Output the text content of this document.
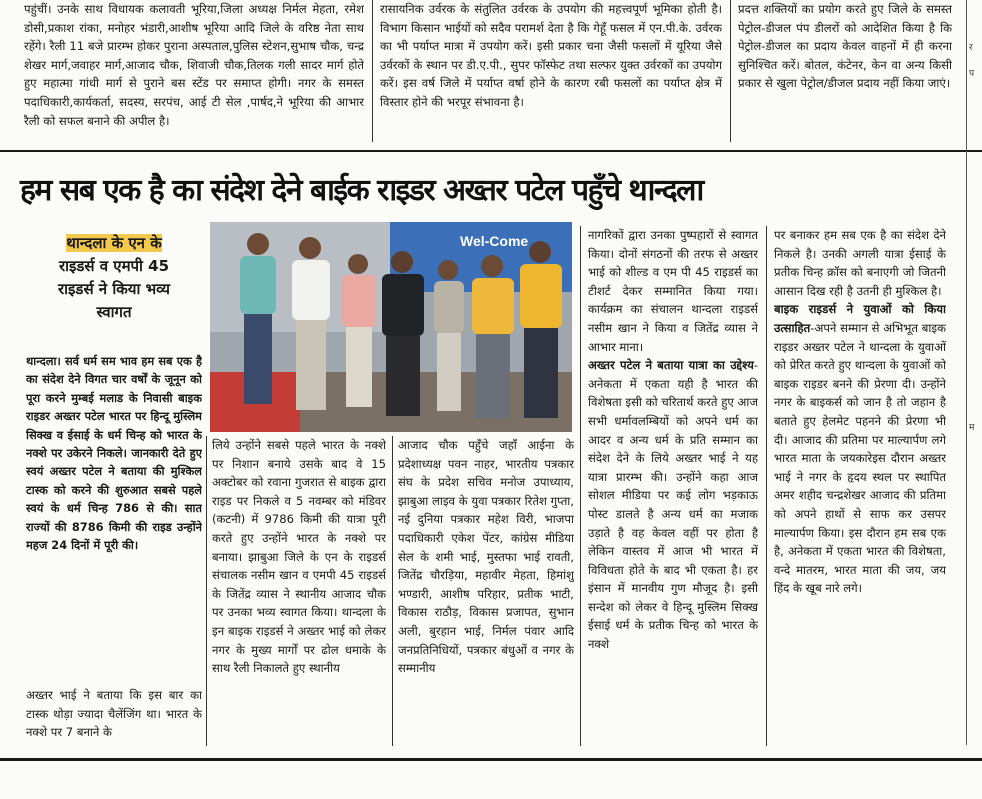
पहुंचीं। उनके साथ विधायक कलावती भूरिया,जिला अध्यक्ष निर्मल मेहता, रमेश डोसी,प्रकाश रांका, मनोहर भंडारी,आशीष भूरिया आदि जिले के वरिष्ठ नेता साथ रहेंगे। रैली 11 बजे प्रारम्भ होकर पुराना अस्पताल,पुलिस स्टेशन,सुभाष चौक, चन्द्र शेखर मार्ग,जवाहर मार्ग,आजाद चौक, शिवाजी चौक,तिलक गली सादर मार्ग होते हुए महात्मा गांधी मार्ग से पुराने बस स्टेंड पर समाप्त होगी। नगर के समस्त पदाधिकारी,कार्यकर्ता, सदस्य, सरपंच, आई टी सेल ,पार्षद,ने भूरिया की आभार रैली को सफल बनाने की अपील है।

रासायनिक उर्वरक के संतुलित उर्वरक के उपयोग की महत्त्वपूर्ण भूमिका होती है। विभाग किसान भाईयों को सदैव परामर्श देता है कि गेहूँ फसल में एन.पी.के. उर्वरक का भी पर्याप्त मात्रा में उपयोग करें। इसी प्रकार चना जैसी फसलों में यूरिया जैसे उर्वरकों के स्थान पर डी.ए.पी., सुपर फॉस्फेट तथा सल्फर युक्त उर्वरकों का उपयोग करें। इस वर्ष जिले में पर्याप्त वर्षा होने के कारण रबी फसलों का पर्याप्त क्षेत्र में विस्तार होने की भरपूर संभावना है।

प्रदत्त शक्तियों का प्रयोग करते हुए जिले के समस्त पेट्रोल-डीजल पंप डीलरों को आदेशित किया है कि पेट्रोल-डीजल का प्रदाय केवल वाहनों में ही करना सुनिश्चित करें। बोतल, कंटेनर, केन वा अन्य किसी प्रकार से खुला पेट्रोल/डीजल प्रदाय नहीं किया जाएं।

हम सब एक है का संदेश देने बाईक राइडर अख्तर पटेल पहुँचे थान्दला
थान्दला के एन के
राइडर्स व एमपी 45
राइडर्स ने किया भव्य
स्वागत
Wel-Come

थान्दला। सर्व धर्म सम भाव हम सब एक है का संदेश देने विगत चार वर्षों के जूनून को पूरा करने मुम्बई मलाड के निवासी बाइक राइडर अख्तर पटेल भारत पर हिन्दू मुस्लिम सिक्ख व ईसाई के धर्म चिन्ह को भारत के नक्शे पर उकेरने निकले। जानकारी देते हुए स्वयं अख्तर पटेल ने बताया की मुश्किल टास्क को करने की शुरुआत सबसे पहले स्वयं के धर्म चिन्ह 786 से की। सात राज्यों की 8786 किमी की राइड उन्होंने महज 24 दिनों में पूरी की।

अख्तर भाई ने बताया कि इस बार का टास्क थोड़ा ज्यादा चैलेंजिंग था। भारत के नक्शे पर 7 बनाने के

लिये उन्होंने सबसे पहले भारत के नक्शे पर निशान बनाये उसके बाद वे 15 अक्टोबर को रवाना गुजरात से बाइक द्वारा राइड पर निकले व 5 नवम्बर को मंडिवर (कटनी) में 9786 किमी की यात्रा पूरी करते हुए उन्होंने भारत के नक्शे पर बनाया। झाबुआ जिले के एन के राइडर्स संचालक नसीम खान व एमपी 45 राइडर्स के जितेंद्र व्यास ने स्थानीय आजाद चौक पर उनका भव्य स्वागत किया। थान्दला के इन बाइक राइडर्स ने अख्तर भाई को लेकर नगर के मुख्य मार्गों पर ढोल धमाके के साथ रैली निकालते हुए स्थानीय

आजाद चौक पहुँचे जहाँ आईना के प्रदेशाध्यक्ष पवन नाहर, भारतीय पत्रकार संघ के प्रदेश सचिव मनोज उपाध्याय, झाबुआ लाइव के युवा पत्रकार रितेश गुप्ता, नई दुनिया पत्रकार महेश विरी, भाजपा पदाधिकारी एकेश पेंटर, कांग्रेस मीडिया सेल के शमी भाई, मुस्तफा भाई रावती, जितेंद्र चौरड़िया, महावीर मेहता, हिमांशु भण्डारी, आशीष परिहार, प्रतीक भाटी, विकास राठौड़, विकास प्रजापत, सुभान अली, बुरहान भाई, निर्मल पंवार आदि जनप्रतिनिधियों, पत्रकार बंधुओं व नगर के सम्मानीय

नागरिकों द्वारा उनका पुष्पहारों से स्वागत किया। दोनों संगठनों की तरफ से अख्तर भाई को शील्ड व एम पी 45 राइडर्स का टीशर्ट देकर सम्मानित किया गया। कार्यक्रम का संचालन थान्दला राइडर्स नसीम खान ने किया व जितेंद्र व्यास ने आभार माना।

अख्तर पटेल ने बताया यात्रा का उद्देश्य-अनेकता में एकता यही है भारत की विशेषता इसी को चरितार्थ करते हुए आज सभी धर्मावलम्बियों को अपने धर्म का आदर व अन्य धर्म के प्रति सम्मान का संदेश देने के लिये अख्तर भाई ने यह यात्रा प्रारम्भ की। उन्होंने कहा आज सोशल मीडिया पर कई लोग भड़काऊ पोस्ट डालते है अन्य धर्म का मजाक उड़ाते है वह केवल वहीं पर होता है लेकिन वास्तव में आज भी भारत में विविधता होते के बाद भी एकता है। हर इंसान में मानवीय गुण मौजूद है। इसी सन्देश को लेकर वे हिन्दू मुस्लिम सिक्ख ईसाई धर्म के प्रतीक चिन्ह को भारत के नक्शे

पर बनाकर हम सब एक है का संदेश देने निकले है। उनकी अगली यात्रा ईसाई के प्रतीक चिन्ह क्रॉस को बनाएगी जो जितनी आसान दिख रही है उतनी ही मुश्किल है।

बाइक राइडर्स ने युवाओं को किया उत्साहित-अपने सम्मान से अभिभूत बाइक राइडर अख्तर पटेल ने थान्दला के युवाओं को प्रेरित करते हुए थान्दला के युवाओं को बाइक राइडर बनने की प्रेरणा दी। उन्होंने नगर के बाइकर्स को जान है तो जहान है बताते हुए हेलमेट पहनने की प्रेरणा भी दी। आजाद की प्रतिमा पर माल्यार्पण लगे भारत माता के जयकारेइस दौरान अख्तर भाई ने नगर के हृदय स्थल पर स्थापित अमर शहीद चन्द्रशेखर आजाद की प्रतिमा को अपने हाथों से साफ कर उसपर माल्यार्पण किया। इस दौरान हम सब एक है, अनेकता में एकता भारत की विशेषता, वन्दे मातरम, भारत माता की जय, जय हिंद के खूब नारे लगे।

र
प
म
